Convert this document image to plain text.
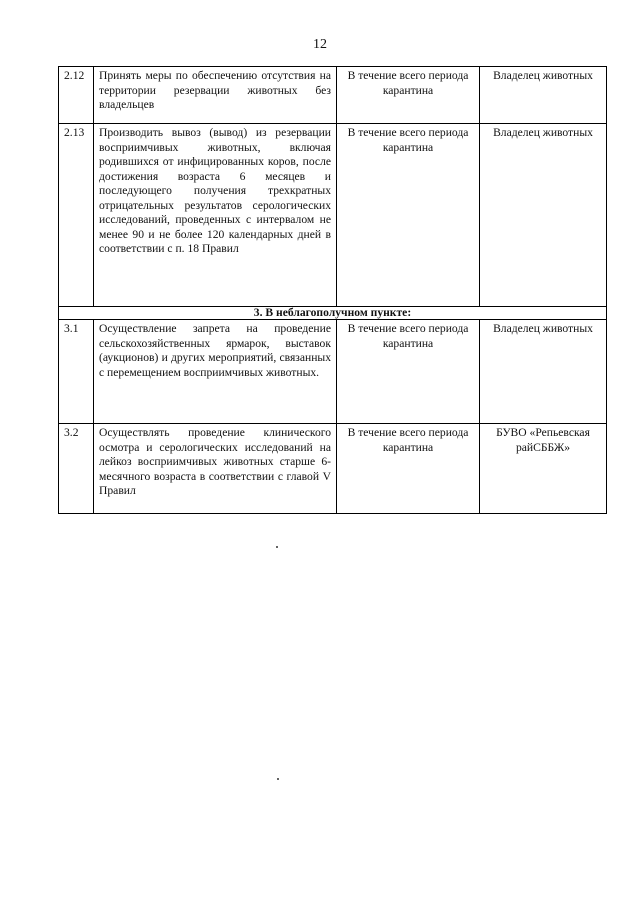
12
2.12	Принять меры по обеспечению отсутствия на территории резервации животных без владельцев	В течение всего периода карантина	Владелец животных
2.13	Производить вывоз (вывод) из резервации восприимчивых животных, включая родившихся от инфицированных коров, после достижения возраста 6 месяцев и последующего получения трехкратных отрицательных результатов серологических исследований, проведенных с интервалом не менее 90 и не более 120 календарных дней в соответствии с п. 18 Правил	В течение всего периода карантина	Владелец животных
3. В неблагополучном пункте:			
3.1	Осуществление запрета на проведение сельскохозяйственных ярмарок, выставок (аукционов) и других мероприятий, связанных с перемещением восприимчивых животных.	В течение всего периода карантина	Владелец животных
3.2	Осуществлять проведение клинического осмотра и серологических исследований на лейкоз восприимчивых животных старше 6-месячного возраста в соответствии с главой V Правил	В течение всего периода карантина	БУВО «Репьевская райСББЖ»
